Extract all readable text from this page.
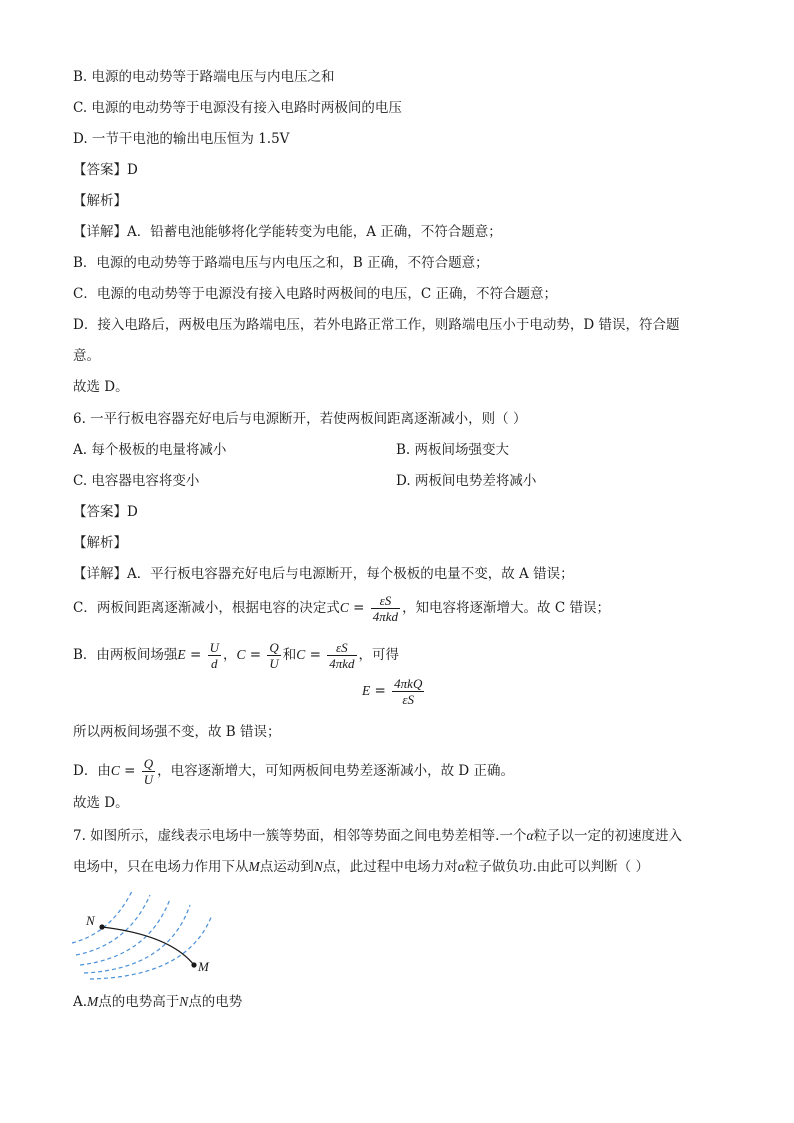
B. 电源的电动势等于路端电压与内电压之和
C. 电源的电动势等于电源没有接入电路时两极间的电压
D. 一节干电池的输出电压恒为 1.5V
【答案】D
【解析】
【详解】A．铅蓄电池能够将化学能转变为电能，A 正确，不符合题意；
B．电源的电动势等于路端电压与内电压之和，B 正确，不符合题意；
C．电源的电动势等于电源没有接入电路时两极间的电压，C 正确，不符合题意；
D．接入电路后，两极电压为路端电压，若外电路正常工作，则路端电压小于电动势，D 错误，符合题
意。
故选 D。
6. 一平行板电容器充好电后与电源断开，若使两板间距离逐渐减小，则（ ）
A. 每个极板的电量将减小	B. 两板间场强变大
C. 电容器电容将变小	D. 两板间电势差将减小
【答案】D
【解析】
【详解】A．平行板电容器充好电后与电源断开，每个极板的电量不变，故 A 错误；
C．两板间距离逐渐减小，根据电容的决定式$C = \frac{\varepsilon S}{\text{4πkd}}$ ，知电容将逐渐增大。故 C 错误；
B．由两板间场强$E = \frac{U}{d}$ ，$C = \frac{Q}{U}$ 和$C = \frac{\varepsilon S}{\text{4πkd}}$ ，可得
$E = \frac{\text{4πkQ}}{\varepsilon S}$
所以两板间场强不变，故 B 错误；
D．由$C = \frac{Q}{U}$ ，电容逐渐增大，可知两板间电势差逐渐减小，故 D 正确。
故选 D。
7. 如图所示，虚线表示电场中一簇等势面，相邻等势面之间电势差相等.一个α粒子以一定的初速度进入
电场中，只在电场力作用下从M点运动到N点，此过程中电场力对α粒子做负功.由此可以判断（ ）
N
M
A.M点的电势高于N点的电势
